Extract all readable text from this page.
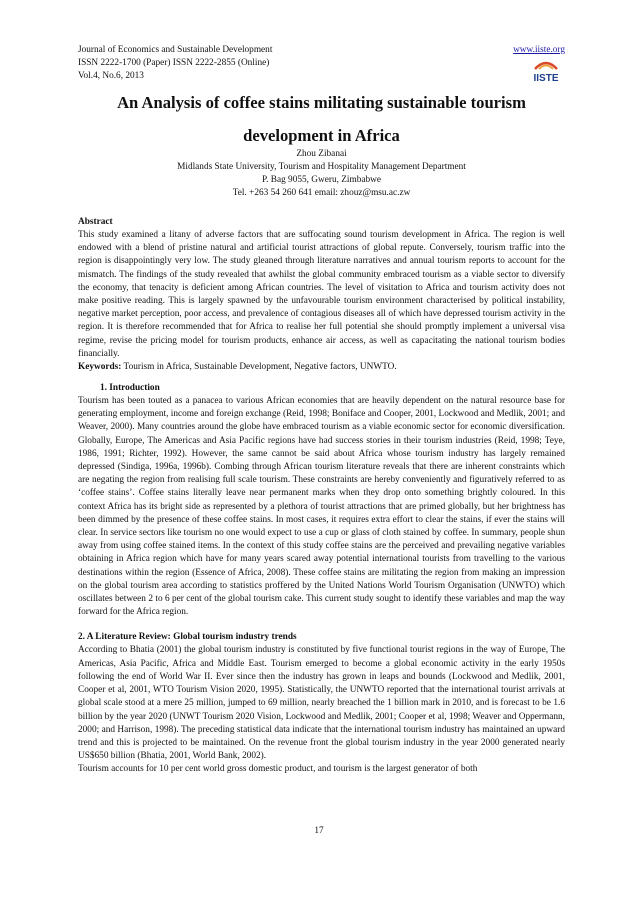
Journal of Economics and Sustainable Development
ISSN 2222-1700 (Paper) ISSN 2222-2855 (Online)
Vol.4, No.6, 2013
www.iiste.org
IISTE
An Analysis of coffee stains militating sustainable tourism
development in Africa
Zhou Zibanai
Midlands State University, Tourism and Hospitality Management Department
P. Bag 9055, Gweru, Zimbabwe
Tel. +263 54 260 641 email: zhouz@msu.ac.zw
Abstract

This study examined a litany of adverse factors that are suffocating sound tourism development in Africa. The region is well endowed with a blend of pristine natural and artificial tourist attractions of global repute. Conversely, tourism traffic into the region is disappointingly very low. The study gleaned through literature narratives and annual tourism reports to account for the mismatch. The findings of the study revealed that awhilst the global community embraced tourism as a viable sector to diversify the economy, that tenacity is deficient among African countries. The level of visitation to Africa and tourism activity does not make positive reading. This is largely spawned by the unfavourable tourism environment characterised by political instability, negative market perception, poor access, and prevalence of contagious diseases all of which have depressed tourism activity in the region. It is therefore recommended that for Africa to realise her full potential she should promptly implement a universal visa regime, revise the pricing model for tourism products, enhance air access, as well as capacitating the national tourism bodies financially.

Keywords: Tourism in Africa, Sustainable Development, Negative factors, UNWTO.
1. Introduction

Tourism has been touted as a panacea to various African economies that are heavily dependent on the natural resource base for generating employment, income and foreign exchange (Reid, 1998; Boniface and Cooper, 2001, Lockwood and Medlik, 2001; and Weaver, 2000). Many countries around the globe have embraced tourism as a viable economic sector for economic diversification. Globally, Europe, The Americas and Asia Pacific regions have had success stories in their tourism industries (Reid, 1998; Teye, 1986, 1991; Richter, 1992). However, the same cannot be said about Africa whose tourism industry has largely remained depressed (Sindiga, 1996a, 1996b). Combing through African tourism literature reveals that there are inherent constraints which are negating the region from realising full scale tourism. These constraints are hereby conveniently and figuratively referred to as ‘coffee stains’. Coffee stains literally leave near permanent marks when they drop onto something brightly coloured. In this context Africa has its bright side as represented by a plethora of tourist attractions that are primed globally, but her brightness has been dimmed by the presence of these coffee stains. In most cases, it requires extra effort to clear the stains, if ever the stains will clear. In service sectors like tourism no one would expect to use a cup or glass of cloth stained by coffee. In summary, people shun away from using coffee stained items. In the context of this study coffee stains are the perceived and prevailing negative variables obtaining in Africa region which have for many years scared away potential international tourists from travelling to the various destinations within the region (Essence of Africa, 2008). These coffee stains are militating the region from making an impression on the global tourism area according to statistics proffered by the United Nations World Tourism Organisation (UNWTO) which oscillates between 2 to 6 per cent of the global tourism cake. This current study sought to identify these variables and map the way forward for the Africa region.

2. A Literature Review: Global tourism industry trends

According to Bhatia (2001) the global tourism industry is constituted by five functional tourist regions in the way of Europe, The Americas, Asia Pacific, Africa and Middle East. Tourism emerged to become a global economic activity in the early 1950s following the end of World War II. Ever since then the industry has grown in leaps and bounds (Lockwood and Medlik, 2001, Cooper et al, 2001, WTO Tourism Vision 2020, 1995). Statistically, the UNWTO reported that the international tourist arrivals at global scale stood at a mere 25 million, jumped to 69 million, nearly breached the 1 billion mark in 2010, and is forecast to be 1.6 billion by the year 2020 (UNWT Tourism 2020 Vision, Lockwood and Medlik, 2001; Cooper et al, 1998; Weaver and Oppermann, 2000; and Harrison, 1998). The preceding statistical data indicate that the international tourism industry has maintained an upward trend and this is projected to be maintained. On the revenue front the global tourism industry in the year 2000 generated nearly US$650 billion (Bhatia, 2001, World Bank, 2002).

Tourism accounts for 10 per cent world gross domestic product, and tourism is the largest generator of both

17
